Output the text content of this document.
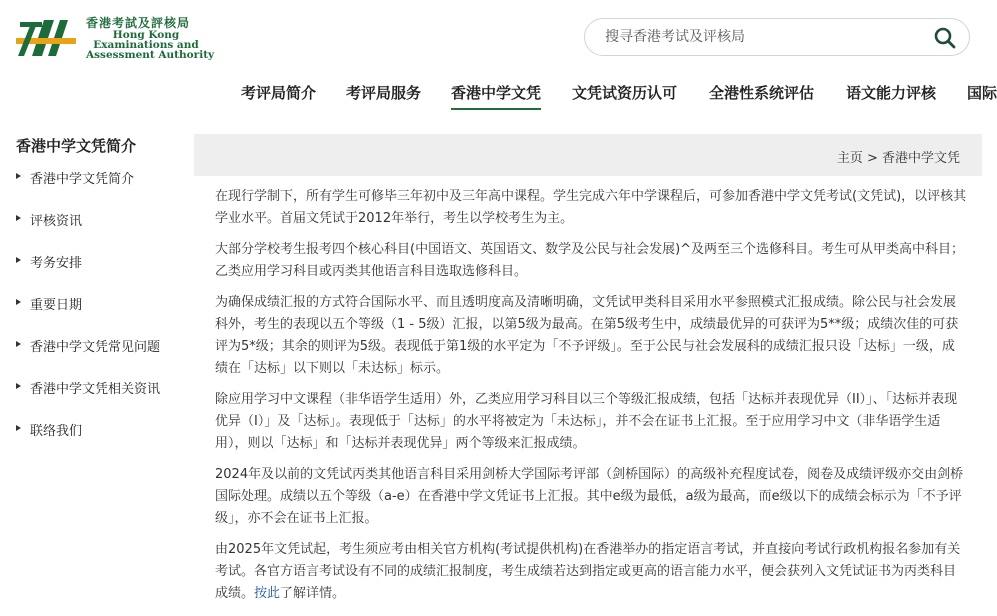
香港考試及評核局
Hong Kong
Examinations and
Assessment Authority
搜寻香港考试及评核局
考评局简介 考评局服务 香港中学文凭 文凭试资历认可 全港性系统评估 语文能力评核 国际
香港中学文凭简介
香港中学文凭简介
评核资讯
考务安排
重要日期
香港中学文凭常见问题
香港中学文凭相关资讯
联络我们
主页 > 香港中学文凭

在现行学制下，所有学生可修毕三年初中及三年高中课程。学生完成六年中学课程后，可参加香港中学文凭考试(文凭试)，以评核其学业水平。首届文凭试于2012年举行，考生以学校考生为主。

大部分学校考生报考四个核心科目(中国语文、英国语文、数学及公民与社会发展)^及两至三个选修科目。考生可从甲类高中科目；乙类应用学习科目或丙类其他语言科目选取选修科目。

为确保成绩汇报的方式符合国际水平、而且透明度高及清晰明确，文凭试甲类科目采用水平参照模式汇报成绩。除公民与社会发展科外，考生的表现以五个等级（1 - 5级）汇报，以第5级为最高。在第5级考生中，成绩最优异的可获评为5**级；成绩次佳的可获评为5*级；其余的则评为5级。表现低于第1级的水平定为「不予评级」。至于公民与社会发展科的成绩汇报只设「达标」一级，成绩在「达标」以下则以「未达标」标示。

除应用学习中文课程（非华语学生适用）外，乙类应用学习科目以三个等级汇报成绩，包括「达标并表现优异（II）」、「达标并表现优异（I）」及「达标」。表现低于「达标」的水平将被定为「未达标」，并不会在证书上汇报。至于应用学习中文（非华语学生适用），则以「达标」和「达标并表现优异」两个等级来汇报成绩。

2024年及以前的文凭试丙类其他语言科目采用剑桥大学国际考评部（剑桥国际）的高级补充程度试卷，阅卷及成绩评级亦交由剑桥国际处理。成绩以五个等级（a-e）在香港中学文凭证书上汇报。其中e级为最低，a级为最高，而e级以下的成绩会标示为「不予评级」，亦不会在证书上汇报。

由2025年文凭试起，考生须应考由相关官方机构(考试提供机构)在香港举办的指定语言考试，并直接向考试行政机构报名参加有关考试。各官方语言考试设有不同的成绩汇报制度，考生成绩若达到指定或更高的语言能力水平，便会获列入文凭试证书为丙类科目成绩。按此了解详情。
